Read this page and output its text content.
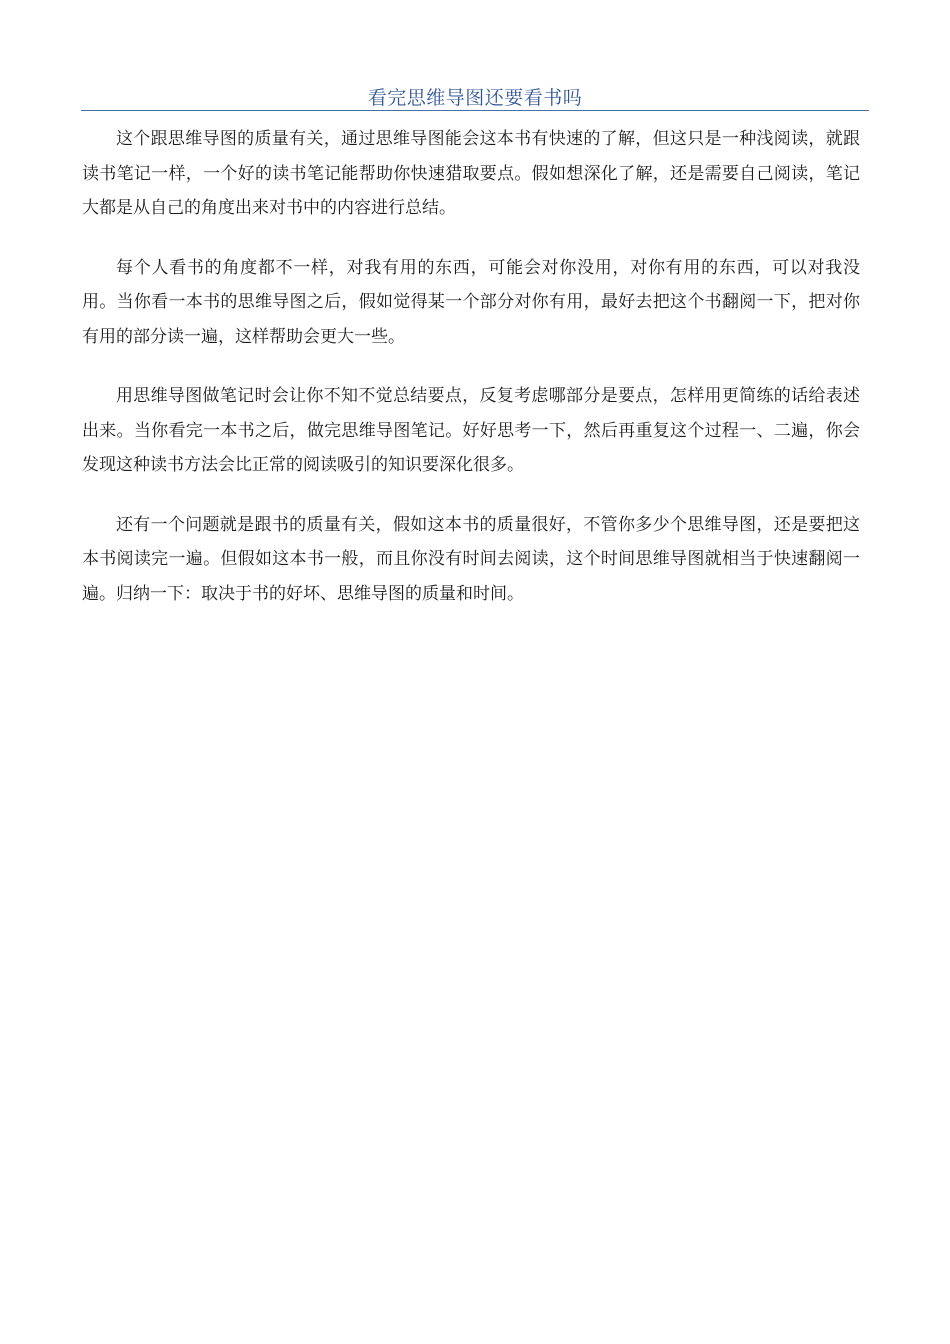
看完思维导图还要看书吗

这个跟思维导图的质量有关，通过思维导图能会这本书有快速的了解，但这只是一种浅阅读，就跟读书笔记一样，一个好的读书笔记能帮助你快速猎取要点。假如想深化了解，还是需要自己阅读，笔记大都是从自己的角度出来对书中的内容进行总结。

每个人看书的角度都不一样，对我有用的东西，可能会对你没用，对你有用的东西，可以对我没用。当你看一本书的思维导图之后，假如觉得某一个部分对你有用，最好去把这个书翻阅一下，把对你有用的部分读一遍，这样帮助会更大一些。

用思维导图做笔记时会让你不知不觉总结要点，反复考虑哪部分是要点，怎样用更简练的话给表述出来。当你看完一本书之后，做完思维导图笔记。好好思考一下，然后再重复这个过程一、二遍，你会发现这种读书方法会比正常的阅读吸引的知识要深化很多。

还有一个问题就是跟书的质量有关，假如这本书的质量很好，不管你多少个思维导图，还是要把这本书阅读完一遍。但假如这本书一般，而且你没有时间去阅读，这个时间思维导图就相当于快速翻阅一遍。归纳一下：取决于书的好坏、思维导图的质量和时间。
